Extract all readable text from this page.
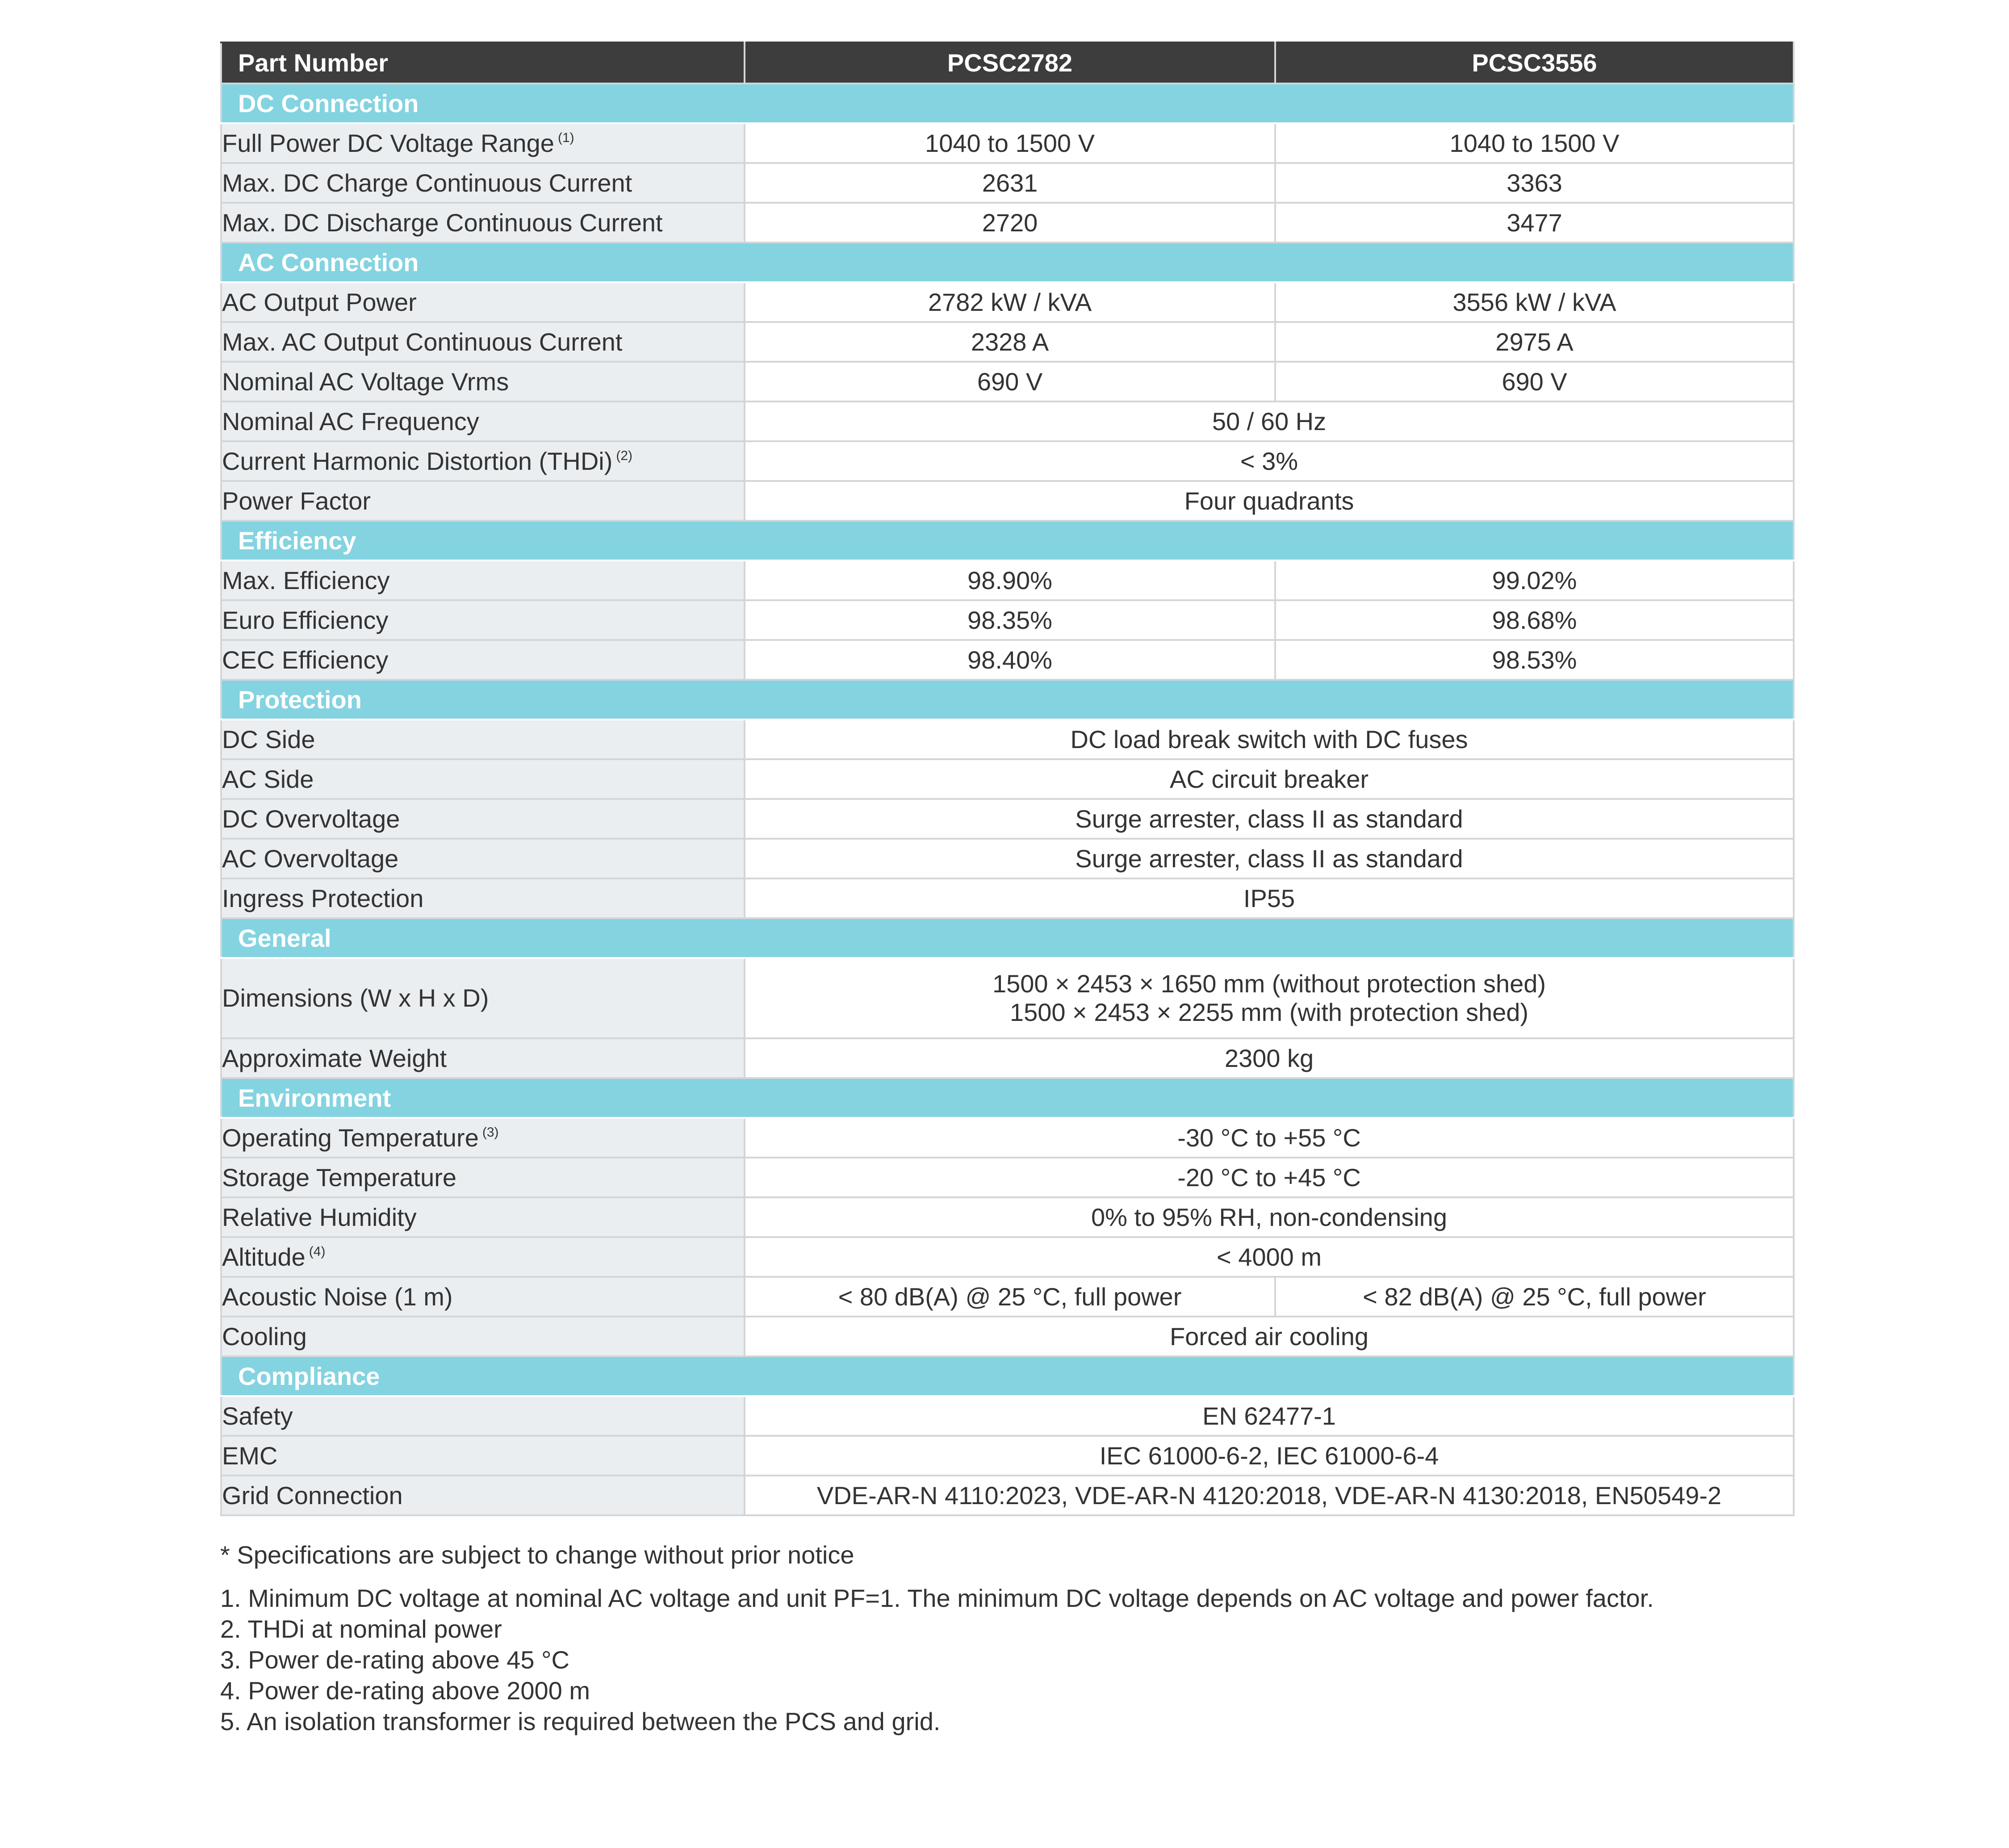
Part Number	PCSC2782	PCSC3556
DC Connection		
Full Power DC Voltage Range $^{(1)}$	1040 to 1500 V	1040 to 1500 V
Max. DC Charge Continuous Current	2631	3363
Max. DC Discharge Continuous Current	2720	3477
AC Connection		
AC Output Power	2782 kW / kVA	3556 kW / kVA
Max. AC Output Continuous Current	2328 A	2975 A
Nominal AC Voltage Vrms	690 V	690 V
Nominal AC Frequency	50 / 60 Hz	
Current Harmonic Distortion (THDi) $^{(2)}$	< 3%	
Power Factor	Four quadrants	
Efficiency		
Max. Efficiency	98.90%	99.02%
Euro Efficiency	98.35%	98.68%
CEC Efficiency	98.40%	98.53%
Protection		
DC Side	DC load break switch with DC fuses	
AC Side	AC circuit breaker	
DC Overvoltage	Surge arrester, class II as standard	
AC Overvoltage	Surge arrester, class II as standard	
Ingress Protection	IP55	
General		
Dimensions (W x H x D)	1500 × 2453 × 1650 mm (without protection shed)
1500 × 2453 × 2255 mm (with protection shed)	

Approximate Weight	2300 kg	
Environment		
Operating Temperature $^{(3)}$	-30 °C to +55 °C	
Storage Temperature	-20 °C to +45 °C	
Relative Humidity	0% to 95% RH, non-condensing	
Altitude $^{(4)}$	< 4000 m	
Acoustic Noise (1 m)	< 80 dB(A) @ 25 °C, full power	< 82 dB(A) @ 25 °C, full power
Cooling	Forced air cooling	
Compliance		
Safety	EN 62477-1	
EMC	IEC 61000-6-2, IEC 61000-6-4	
Grid Connection	VDE-AR-N 4110:2023, VDE-AR-N 4120:2018, VDE-AR-N 4130:2018, EN50549-2	
* Specifications are subject to change without prior notice
1. Minimum DC voltage at nominal AC voltage and unit PF=1. The minimum DC voltage depends on AC voltage and power factor.
2. THDi at nominal power
3. Power de-rating above 45 °C
4. Power de-rating above 2000 m
5. An isolation transformer is required between the PCS and grid.
